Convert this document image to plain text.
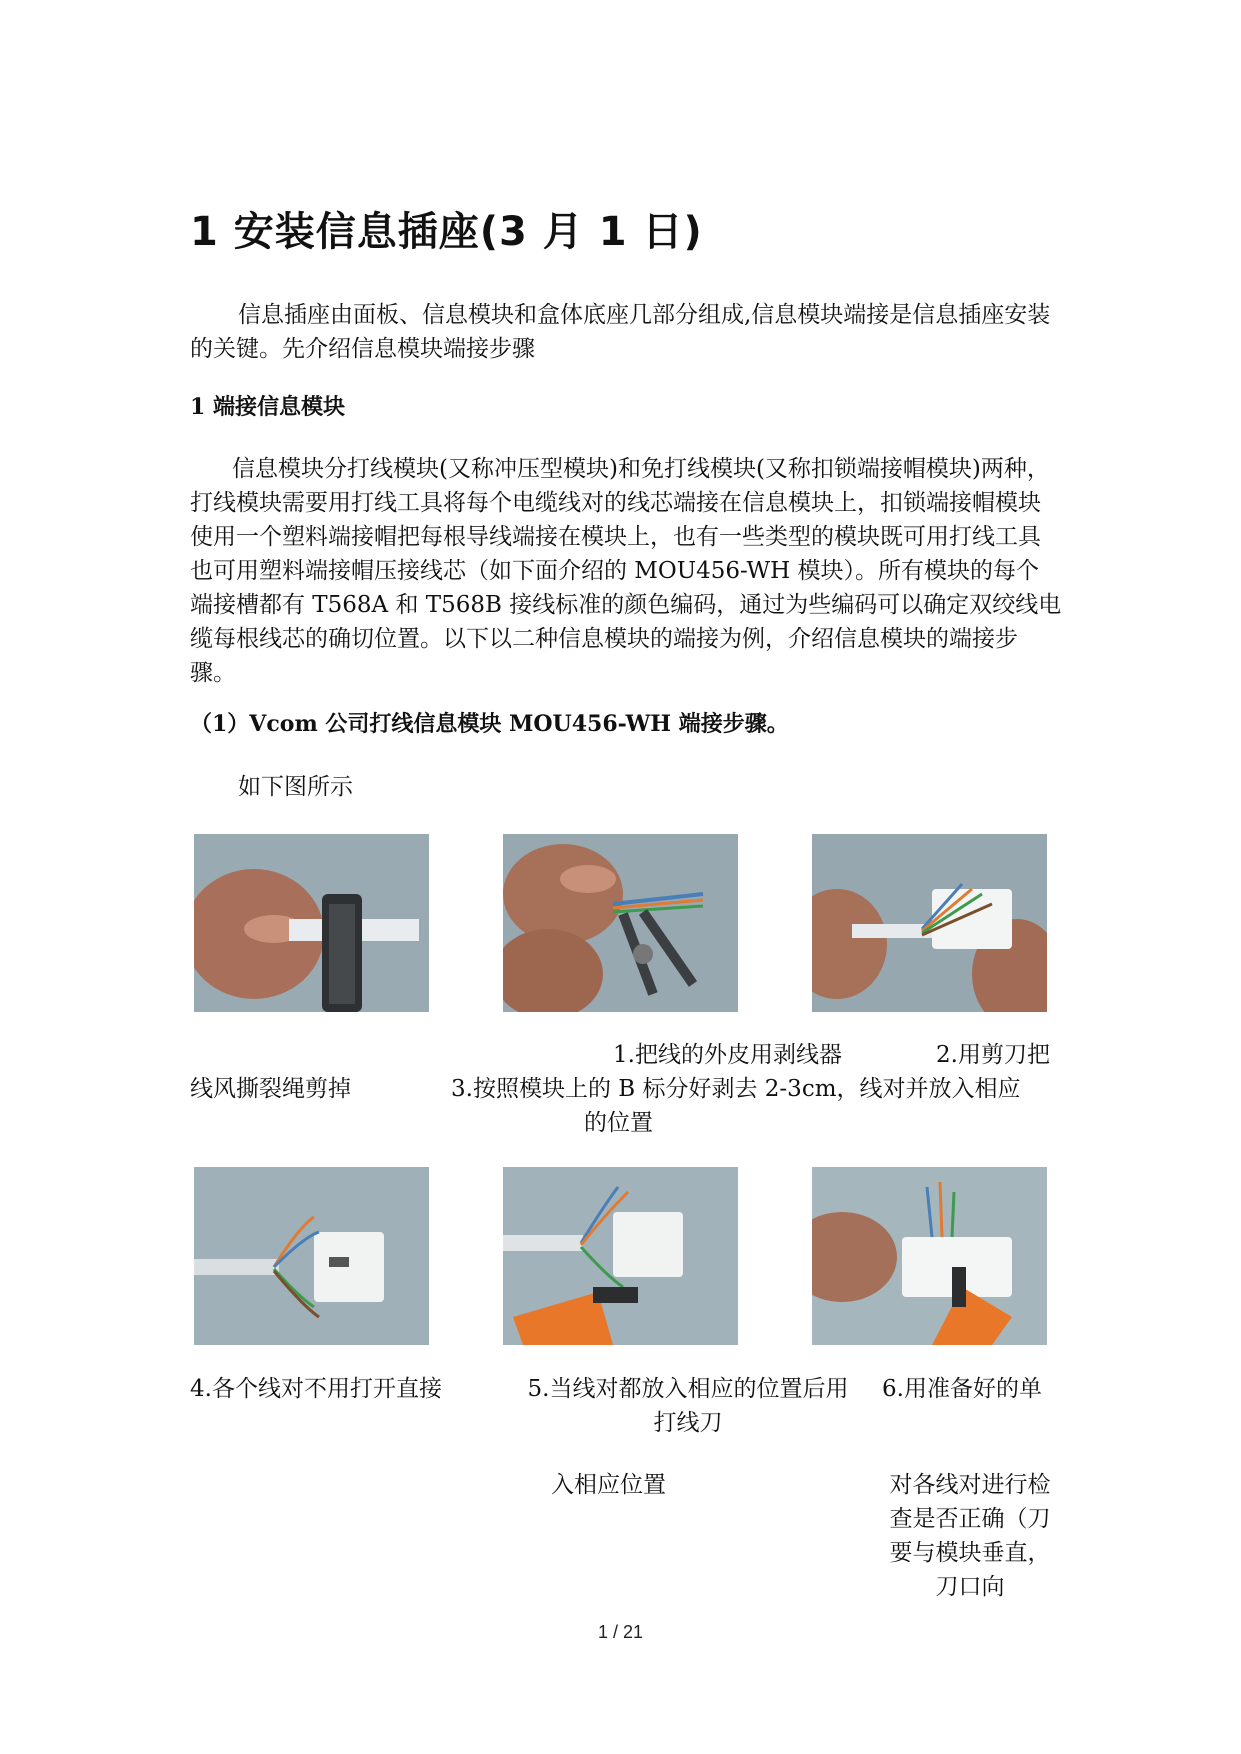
1 安装信息插座(3 月 1 日)

信息插座由面板、信息模块和盒体底座几部分组成,信息模块端接是信息插座安装的关键。先介绍信息模块端接步骤

1 端接信息模块

信息模块分打线模块(又称冲压型模块)和免打线模块(又称扣锁端接帽模块)两种，打线模块需要用打线工具将每个电缆线对的线芯端接在信息模块上，扣锁端接帽模块使用一个塑料端接帽把每根导线端接在模块上，也有一些类型的模块既可用打线工具也可用塑料端接帽压接线芯（如下面介绍的 MOU456-WH 模块）。所有模块的每个端接槽都有 T568A 和 T568B 接线标准的颜色编码，通过为些编码可以确定双绞线电缆每根线芯的确切位置。以下以二种信息模块的端接为例，介绍信息模块的端接步骤。

（1）Vcom 公司打线信息模块 MOU456-WH 端接步骤。

如下图所示

1.把线的外皮用剥线器	2.用剪刀把

线风撕裂绳剪掉	3.按照模块上的 B 标分好剥去 2-3cm，线对并放入相应

的位置

4.各个线对不用打开直接	5.当线对都放入相应的位置后用打线刀

入相应位置

6.用准备好的单

对各线对进行检查是否正确（刀要与模块垂直，刀口向

1 / 21
